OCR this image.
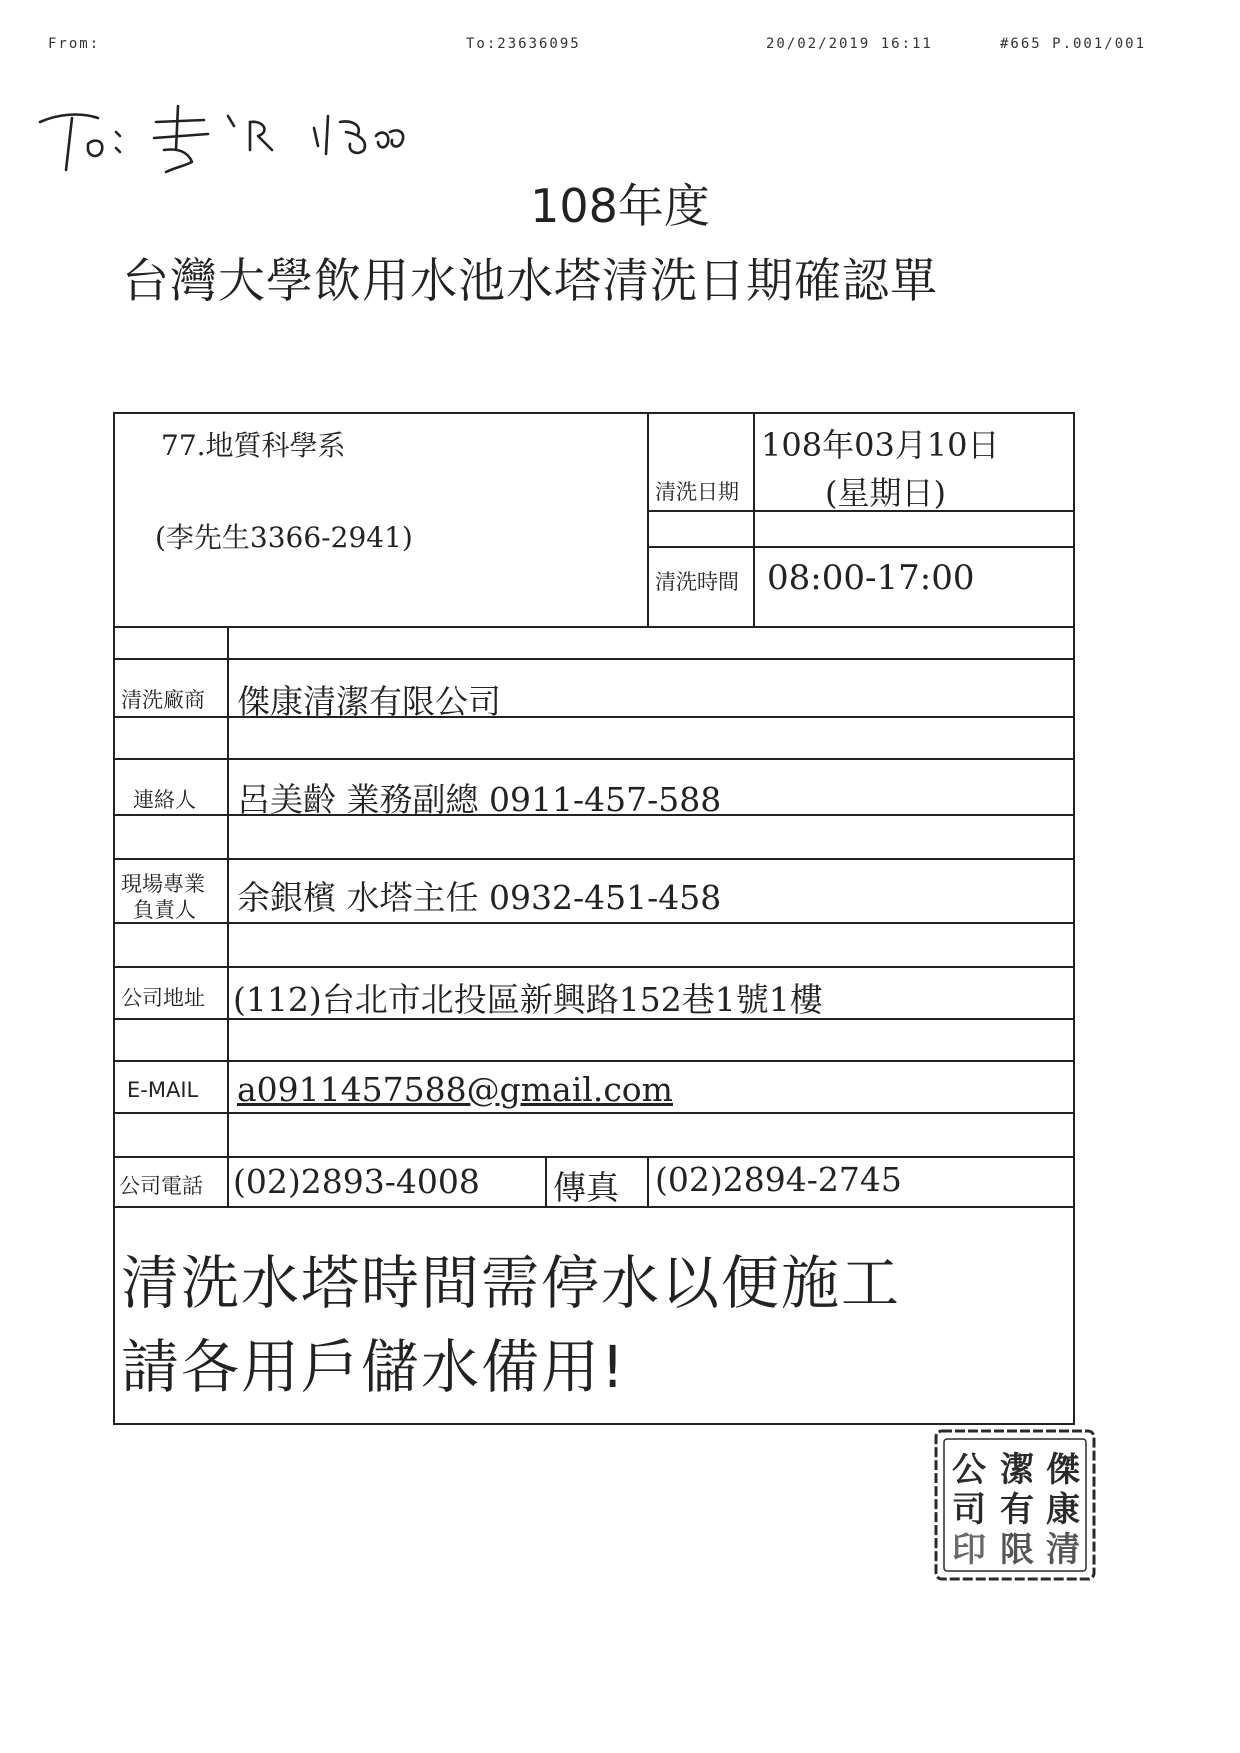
From:	To:23636095	20/02/2019 16:11	#665 P.001/001
108年度
台灣大學飲用水池水塔清洗日期確認單
77.地質科學系
(李先生3366-2941)
清洗日期
108年03月10日
(星期日)
清洗時間 08:00-17:00
清洗廠商 傑康清潔有限公司
連絡人 呂美齡 業務副總 0911-457-588
現場專業
負責人 余銀檳 水塔主任 0932-451-458
公司地址 (112)台北市北投區新興路152巷1號1樓
E-MAIL a0911457588@gmail.com
公司電話 (02)2893-4008 傳真 (02)2894-2745
清洗水塔時間需停水以便施工
請各用戶儲水備用!
傑
康
清
潔
有
限
公
司
印
